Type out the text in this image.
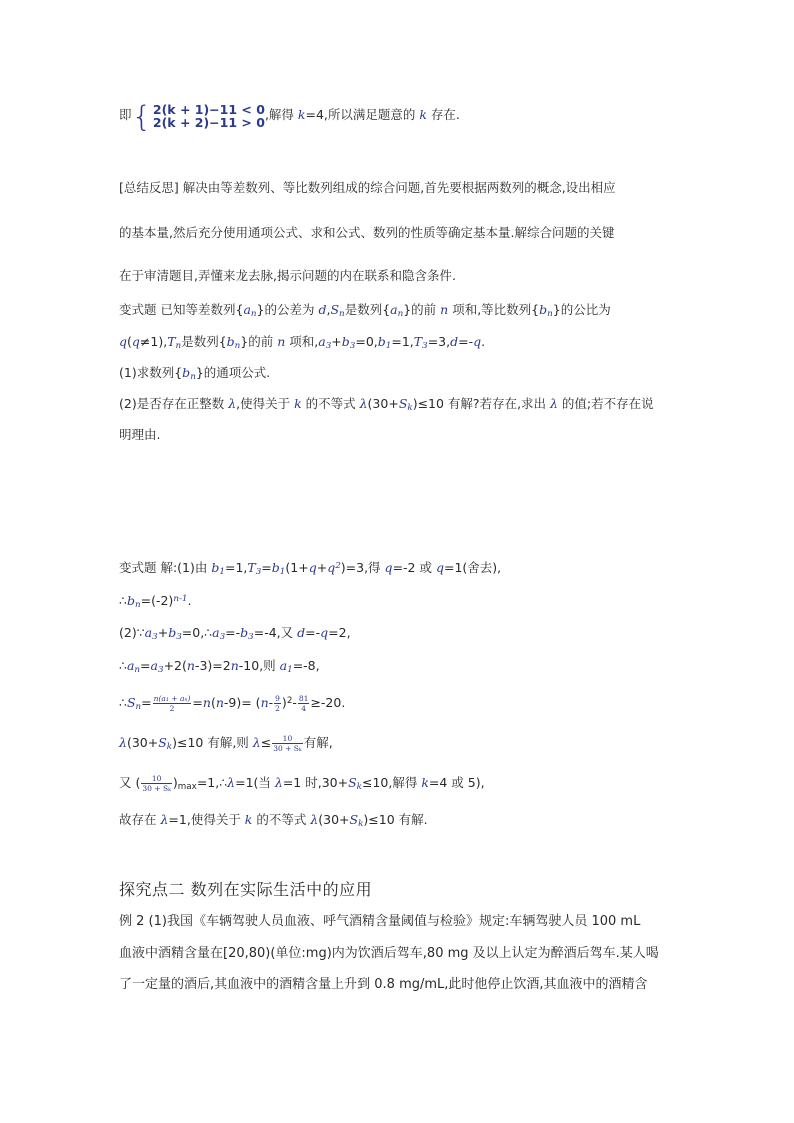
即{ 2(k + 1)−11 < 0
2(k + 2)−11 > 0 ,解得 k=4,所以满足题意的 k 存在.
[总结反思] 解决由等差数列、等比数列组成的综合问题,首先要根据两数列的概念,设出相应
的基本量,然后充分使用通项公式、求和公式、数列的性质等确定基本量.解综合问题的关键
在于审清题目,弄懂来龙去脉,揭示问题的内在联系和隐含条件.
变式题 已知等差数列$\{a_n\}$的公差为 $d,S_n$是数列$\{a_n\}$的前 n 项和,等比数列$\{b_n\}$的公比为
$q(q\ne 1),T_n$是数列$\{b_n\}$的前 n 项和$,a_3+b_3=0,b_1=1,T_3=3,d=-q$.
(1)求数列$\{b_n\}$的通项公式.
(2)是否存在正整数 λ,使得关于 k 的不等式 $\lambda(30+S_k)\le 10$ 有解?若存在,求出 λ 的值;若不存在说
明理由.
变式题 解:(1)由 $b_1=1,T_3=b_1(1+q+q^2)=3$,得 q=-2 或 q=1(舍去),
$\therefore b_n=(-2)^{n-1}$.
$(2)\because a_3+b_3=0,\therefore a_3=-b_3=-4$,又 d=-q=2,
$\therefore a_n=a_3+2(n-3)=2n-10$,则 $a_1=-8$,
$\therefore S_n= \frac{\text{n(a₁ + aₙ)}}{2} =n(n-9)= (n- \frac{9}{2} )^2- \frac{81}{4} \ge-20$.
$\lambda(30+S_k)\le 10$ 有解,则 $\lambda\le \frac{10}{\text{30 + Sₖ}}$ 有解,
又 ( $\frac{10}{\text{30 + Sₖ}}$ )$_{max}=1,\therefore\lambda=1$(当 λ=1 时$,30+S_k\le 10$,解得 k=4 或 5),
故存在 λ=1,使得关于 k 的不等式 $\lambda(30+S_k)\le 10$ 有解.
探究点二 数列在实际生活中的应用
例 2 (1)我国《车辆驾驶人员血液、呼气酒精含量阈值与检验》规定:车辆驾驶人员 100 mL
血液中酒精含量在[20,80)(单位:mg)内为饮酒后驾车,80 mg 及以上认定为醉酒后驾车.某人喝
了一定量的酒后,其血液中的酒精含量上升到 0.8 mg/mL,此时他停止饮酒,其血液中的酒精含
